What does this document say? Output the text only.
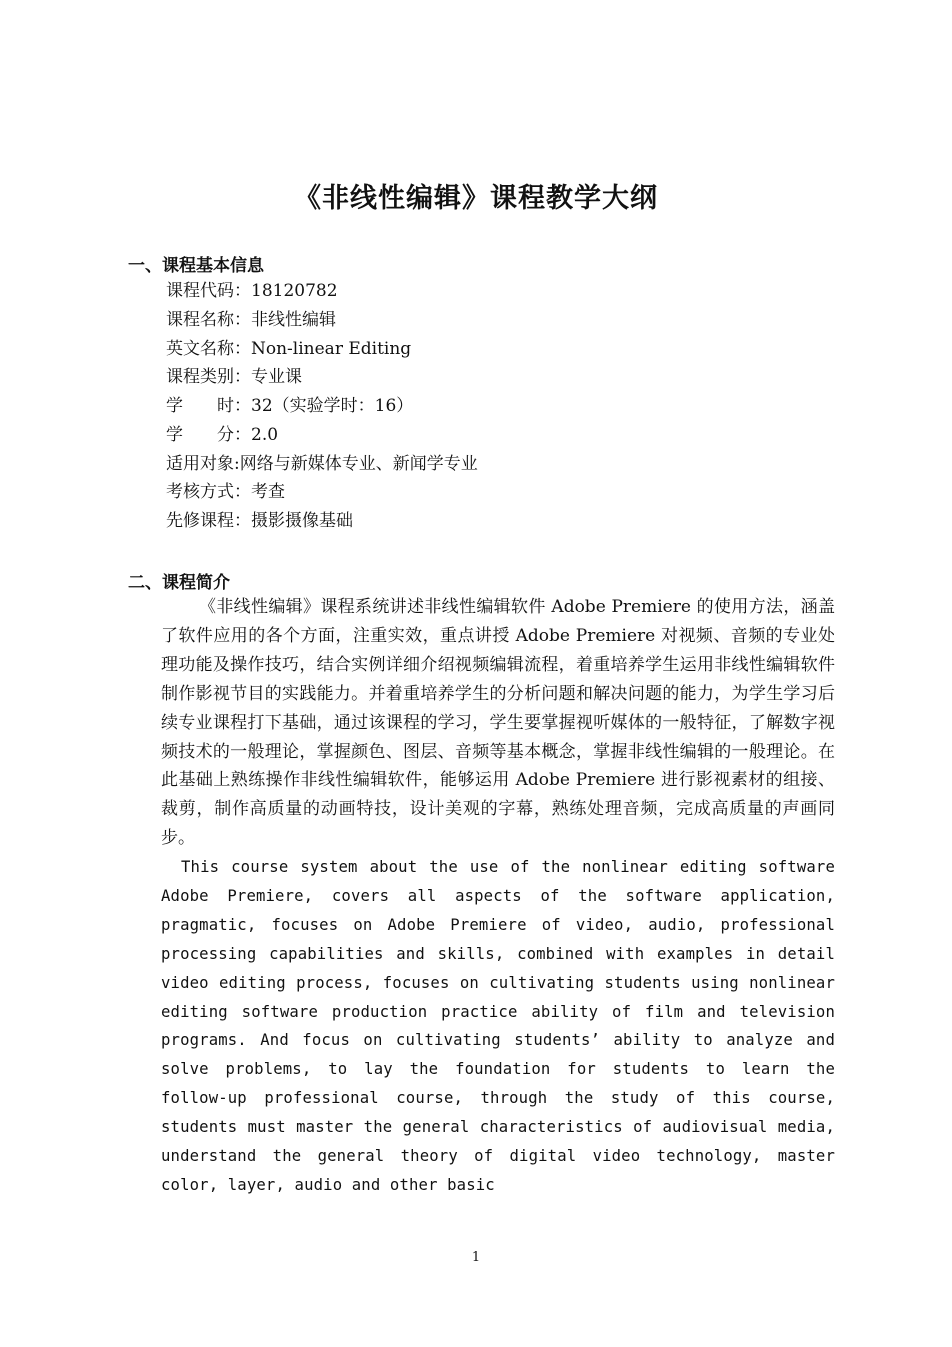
《非线性编辑》课程教学大纲
一、课程基本信息
课程代码：18120782
课程名称：非线性编辑
英文名称：Non-linear Editing
课程类别：专业课
学　　时：32（实验学时：16）
学　　分：2.0
适用对象:网络与新媒体专业、新闻学专业
考核方式：考查
先修课程：摄影摄像基础
二、课程简介

《非线性编辑》课程系统讲述非线性编辑软件 Adobe Premiere 的使用方法，涵盖了软件应用的各个方面，注重实效，重点讲授 Adobe Premiere 对视频、音频的专业处理功能及操作技巧，结合实例详细介绍视频编辑流程，着重培养学生运用非线性编辑软件制作影视节目的实践能力。并着重培养学生的分析问题和解决问题的能力，为学生学习后续专业课程打下基础，通过该课程的学习，学生要掌握视听媒体的一般特征，了解数字视频技术的一般理论，掌握颜色、图层、音频等基本概念，掌握非线性编辑的一般理论。在此基础上熟练操作非线性编辑软件，能够运用 Adobe Premiere 进行影视素材的组接、裁剪，制作高质量的动画特技，设计美观的字幕，熟练处理音频，完成高质量的声画同步。

This course system about the use of the nonlinear editing software Adobe Premiere, covers all aspects of the software application, pragmatic, focuses on Adobe Premiere of video, audio, professional processing capabilities and skills, combined with examples in detail video editing process, focuses on cultivating students using nonlinear editing software production practice ability of film and television programs. And focus on cultivating students’ ability to analyze and solve problems, to lay the foundation for students to learn the follow-up professional course, through the study of this course, students must master the general characteristics of audiovisual media, understand the general theory of digital video technology, master color, layer, audio and other basic

1
